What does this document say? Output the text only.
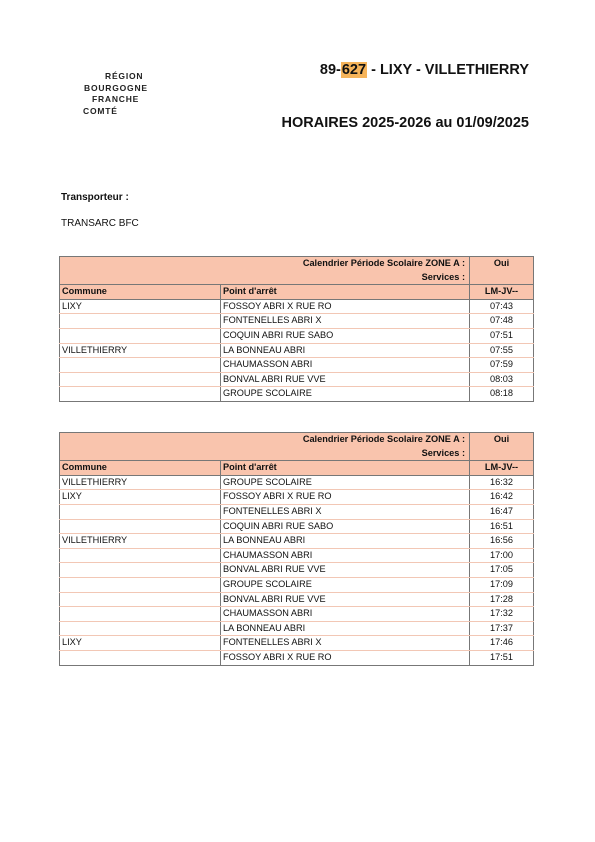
RÉGION
BOURGOGNE
FRANCHE
COMTÉ
89-627 - LIXY - VILLETHIERRY
HORAIRES 2025-2026 au 01/09/2025
Transporteur :
TRANSARC BFC
Calendrier Période Scolaire ZONE A :		Oui
Services :		
Commune	Point d'arrêt	LM-JV--
LIXY	FOSSOY ABRI X RUE RO	07:43
	FONTENELLES ABRI X	07:48
	COQUIN ABRI RUE SABO	07:51
VILLETHIERRY	LA BONNEAU ABRI	07:55
	CHAUMASSON ABRI	07:59
	BONVAL ABRI RUE VVE	08:03
	GROUPE SCOLAIRE	08:18
Calendrier Période Scolaire ZONE A :		Oui
Services :		
Commune	Point d'arrêt	LM-JV--
VILLETHIERRY	GROUPE SCOLAIRE	16:32
LIXY	FOSSOY ABRI X RUE RO	16:42
	FONTENELLES ABRI X	16:47
	COQUIN ABRI RUE SABO	16:51
VILLETHIERRY	LA BONNEAU ABRI	16:56
	CHAUMASSON ABRI	17:00
	BONVAL ABRI RUE VVE	17:05
	GROUPE SCOLAIRE	17:09
	BONVAL ABRI RUE VVE	17:28
	CHAUMASSON ABRI	17:32
	LA BONNEAU ABRI	17:37
LIXY	FONTENELLES ABRI X	17:46
	FOSSOY ABRI X RUE RO	17:51
